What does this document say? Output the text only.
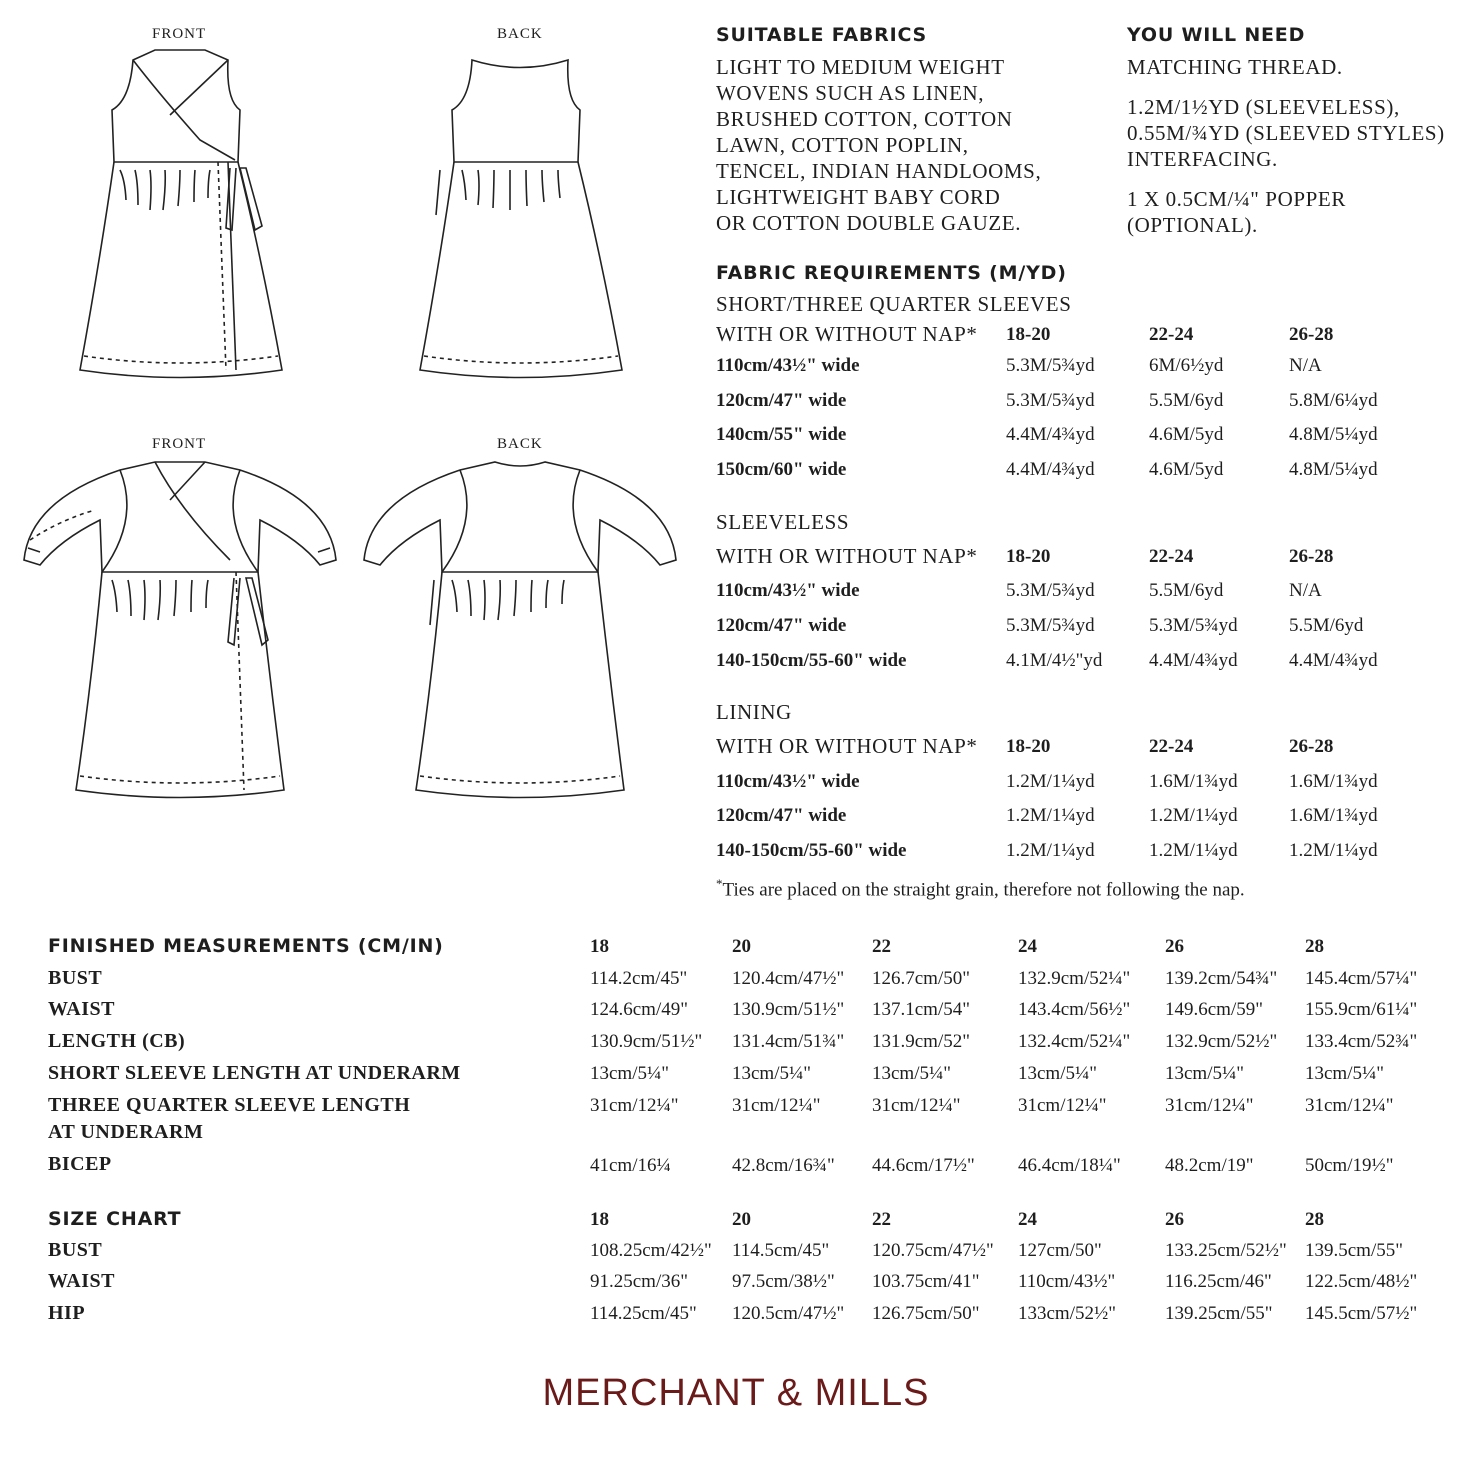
FRONT	BACK
FRONT	BACK
SUITABLE FABRICS
LIGHT TO MEDIUM WEIGHT
WOVENS SUCH AS LINEN,
BRUSHED COTTON, COTTON
LAWN, COTTON POPLIN,
TENCEL, INDIAN HANDLOOMS,
LIGHTWEIGHT BABY CORD
OR COTTON DOUBLE GAUZE.
YOU WILL NEED
MATCHING THREAD.
1.2M/1½YD (SLEEVELESS),
0.55M/¾YD (SLEEVED STYLES)
INTERFACING.
1 X 0.5CM/¼" POPPER
(OPTIONAL).
FABRIC REQUIREMENTS (M/YD)
SHORT/THREE QUARTER SLEEVES
WITH OR WITHOUT NAP* 18-20	22-24	26-28
110cm/43½" wide	5.3M/5¾yd	6M/6½yd	N/A
120cm/47" wide	5.3M/5¾yd	5.5M/6yd	5.8M/6¼yd
140cm/55" wide	4.4M/4¾yd	4.6M/5yd	4.8M/5¼yd
150cm/60" wide	4.4M/4¾yd	4.6M/5yd	4.8M/5¼yd
SLEEVELESS
WITH OR WITHOUT NAP* 18-20	22-24	26-28
110cm/43½" wide	5.3M/5¾yd	5.5M/6yd	N/A
120cm/47" wide	5.3M/5¾yd	5.3M/5¾yd	5.5M/6yd
140-150cm/55-60" wide	4.1M/4½"yd 4.4M/4¾yd	4.4M/4¾yd
LINING
WITH OR WITHOUT NAP* 18-20	22-24	26-28
110cm/43½" wide	1.2M/1¼yd	1.6M/1¾yd	1.6M/1¾yd
120cm/47" wide	1.2M/1¼yd	1.2M/1¼yd	1.6M/1¾yd
140-150cm/55-60" wide	1.2M/1¼yd	1.2M/1¼yd	1.2M/1¼yd
*Ties are placed on the straight grain, therefore not following the nap.
FINISHED MEASUREMENTS (CM/IN)	18	20	22	24	26	28
BUST	114.2cm/45" 120.4cm/47½" 126.7cm/50"	132.9cm/52¼" 139.2cm/54¾" 145.4cm/57¼"
WAIST	124.6cm/49" 130.9cm/51½" 137.1cm/54"	143.4cm/56½" 149.6cm/59" 155.9cm/61¼"
LENGTH (CB)	130.9cm/51½" 131.4cm/51¾" 131.9cm/52"	132.4cm/52¼" 132.9cm/52½" 133.4cm/52¾"
SHORT SLEEVE LENGTH AT UNDERARM	13cm/5¼"	13cm/5¼"	13cm/5¼"	13cm/5¼"	13cm/5¼"	13cm/5¼"
THREE QUARTER SLEEVE LENGTH
AT UNDERARM
31cm/12¼"	31cm/12¼"	31cm/12¼"	31cm/12¼"	31cm/12¼"	31cm/12¼"
BICEP	41cm/16¼	42.8cm/16¾" 44.6cm/17½" 46.4cm/18¼" 48.2cm/19"	50cm/19½"
SIZE CHART	18	20	22	24	26	28
BUST	108.25cm/42½" 114.5cm/45" 120.75cm/47½" 127cm/50"	133.25cm/52½" 139.5cm/55"
WAIST	91.25cm/36" 97.5cm/38½" 103.75cm/41" 110cm/43½"	116.25cm/46" 122.5cm/48½"
HIP	114.25cm/45" 120.5cm/47½" 126.75cm/50" 133cm/52½"	139.25cm/55" 145.5cm/57½"
MERCHANT & MILLS
